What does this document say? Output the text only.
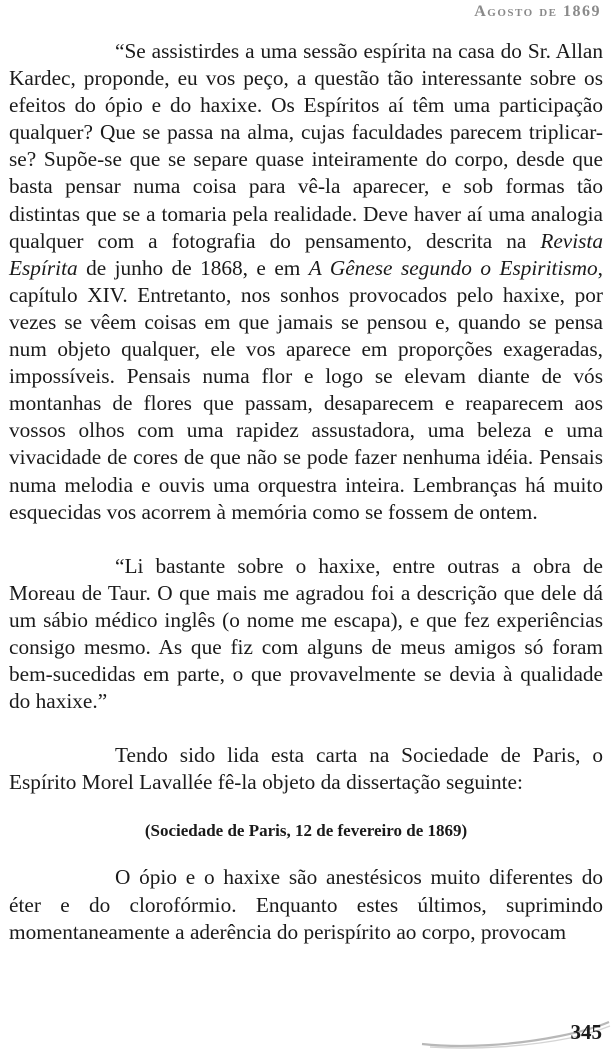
Agosto de 1869

“Se assistirdes a uma sessão espírita na casa do Sr. Allan Kardec, proponde, eu vos peço, a questão tão interessante sobre os efeitos do ópio e do haxixe. Os Espíritos aí têm uma participação qualquer? Que se passa na alma, cujas faculdades parecem triplicar-se? Supõe-se que se separe quase inteiramente do corpo, desde que basta pensar numa coisa para vê-la aparecer, e sob formas tão distintas que se a tomaria pela realidade. Deve haver aí uma analogia qualquer com a fotografia do pensamento, descrita na Revista Espírita de junho de 1868, e em A Gênese segundo o Espiritismo, capítulo XIV. Entretanto, nos sonhos provocados pelo haxixe, por vezes se vêem coisas em que jamais se pensou e, quando se pensa num objeto qualquer, ele vos aparece em proporções exageradas, impossíveis. Pensais numa flor e logo se elevam diante de vós montanhas de flores que passam, desaparecem e reaparecem aos vossos olhos com uma rapidez assustadora, uma beleza e uma vivacidade de cores de que não se pode fazer nenhuma idéia. Pensais numa melodia e ouvis uma orquestra inteira. Lembranças há muito esquecidas vos acorrem à memória como se fossem de ontem.

“Li bastante sobre o haxixe, entre outras a obra de Moreau de Taur. O que mais me agradou foi a descrição que dele dá um sábio médico inglês (o nome me escapa), e que fez experiências consigo mesmo. As que fiz com alguns de meus amigos só foram bem-sucedidas em parte, o que provavelmente se devia à qualidade do haxixe.”

Tendo sido lida esta carta na Sociedade de Paris, o Espírito Morel Lavallée fê-la objeto da dissertação seguinte:

(Sociedade de Paris, 12 de fevereiro de 1869)

O ópio e o haxixe são anestésicos muito diferentes do éter e do clorofórmio. Enquanto estes últimos, suprimindo momentaneamente a aderência do perispírito ao corpo, provocam

345
